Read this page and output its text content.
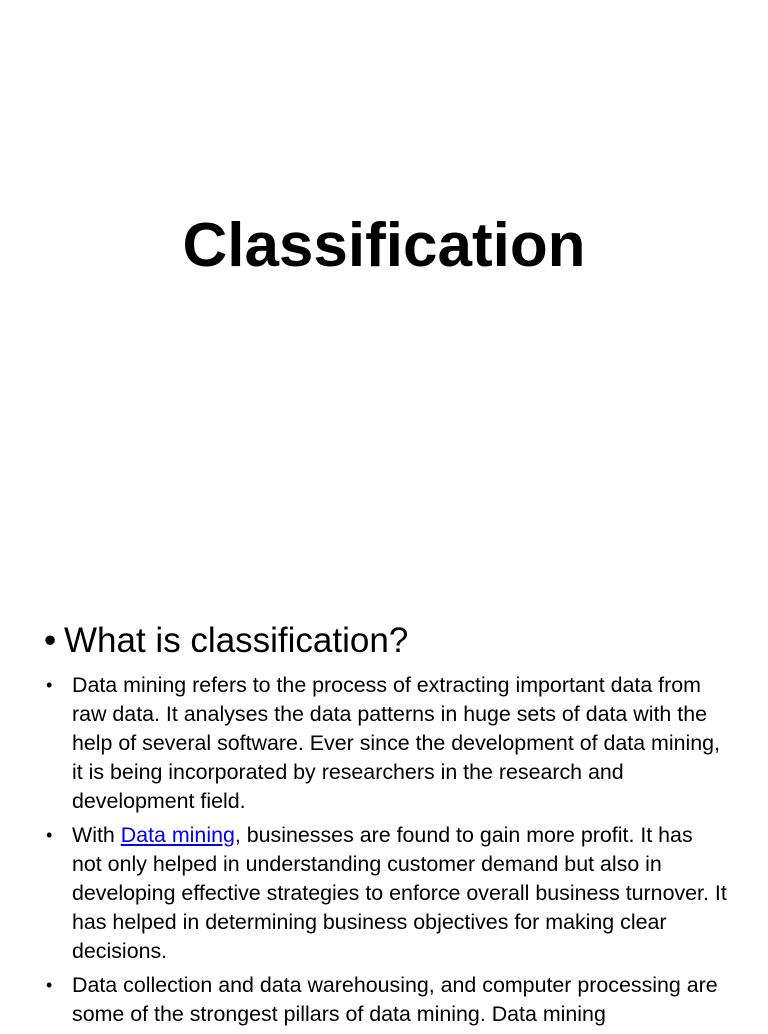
Classification
• What is classification?
• Data mining refers to the process of extracting important data from raw data. It analyses the data patterns in huge sets of data with the help of several software. Ever since the development of data mining, it is being incorporated by researchers in the research and development field.
• With Data mining, businesses are found to gain more profit. It has not only helped in understanding customer demand but also in developing effective strategies to enforce overall business turnover. It has helped in determining business objectives for making clear decisions.
• Data collection and data warehousing, and computer processing are some of the strongest pillars of data mining. Data mining
